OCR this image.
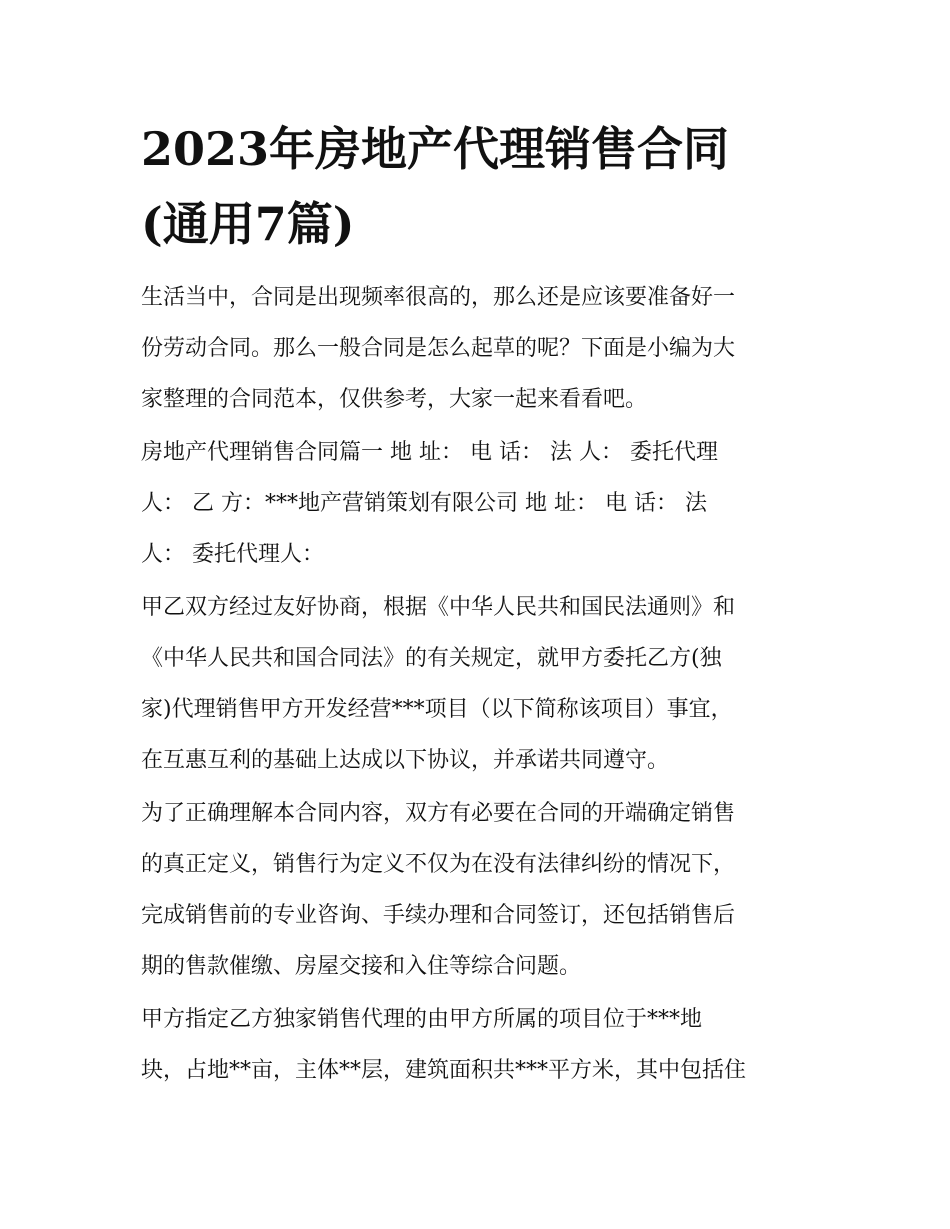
2023年房地产代理销售合同
(通用7篇)
生活当中，合同是出现频率很高的，那么还是应该要准备好一
份劳动合同。那么一般合同是怎么起草的呢？下面是小编为大
家整理的合同范本，仅供参考，大家一起来看看吧。
房地产代理销售合同篇一 地 址： 电 话： 法 人： 委托代理
人： 乙 方：***地产营销策划有限公司 地 址： 电 话： 法
人： 委托代理人：
甲乙双方经过友好协商，根据《中华人民共和国民法通则》和
《中华人民共和国合同法》的有关规定，就甲方委托乙方(独
家)代理销售甲方开发经营***项目（以下简称该项目）事宜，
在互惠互利的基础上达成以下协议，并承诺共同遵守。
为了正确理解本合同内容，双方有必要在合同的开端确定销售
的真正定义，销售行为定义不仅为在没有法律纠纷的情况下，
完成销售前的专业咨询、手续办理和合同签订，还包括销售后
期的售款催缴、房屋交接和入住等综合问题。
甲方指定乙方独家销售代理的由甲方所属的项目位于***地
块，占地**亩，主体**层，建筑面积共***平方米，其中包括住
